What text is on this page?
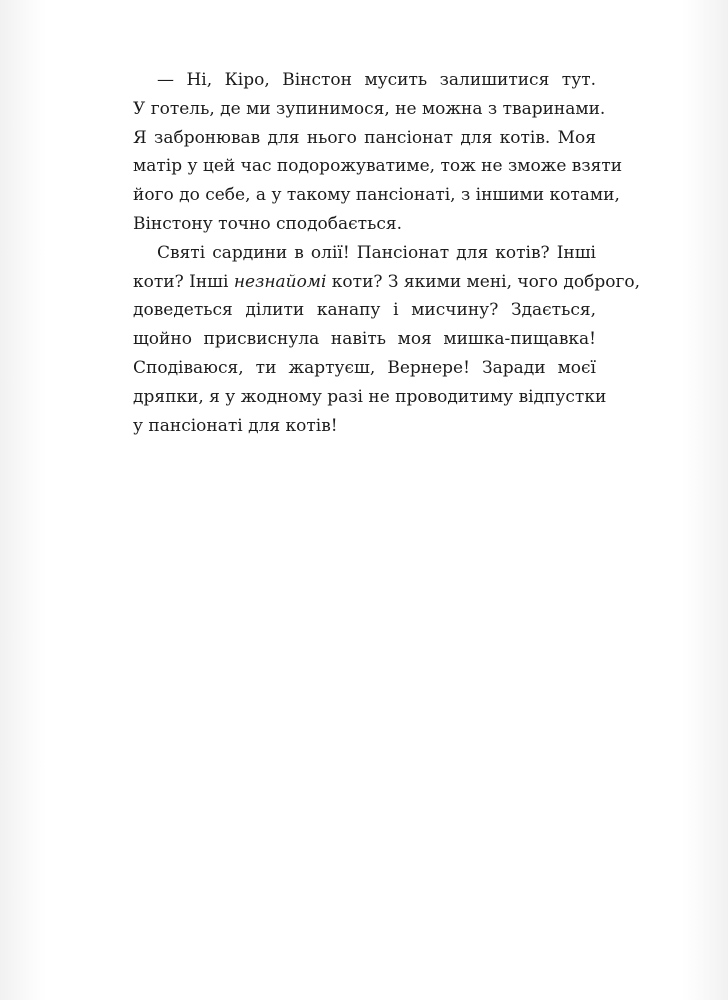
— Ні, Кіро, Вінстон мусить залишитися тут.
У готель, де ми зупинимося, не можна з тваринами.
Я забронював для нього пансіонат для котів. Моя
матір у цей час подорожуватиме, тож не зможе взяти
його до себе, а у такому пансіонаті, з іншими котами,
Вінстону точно сподобається.
Святі сардини в олії! Пансіонат для котів? Інші
коти? Інші незнайомі коти? З якими мені, чого доброго,
доведеться ділити канапу і мисчину? Здається,
щойно присвиснула навіть моя мишка-пищавка!
Сподіваюся, ти жартуєш, Вернере! Заради моєї
дряпки, я у жодному разі не проводитиму відпустки
у пансіонаті для котів!
